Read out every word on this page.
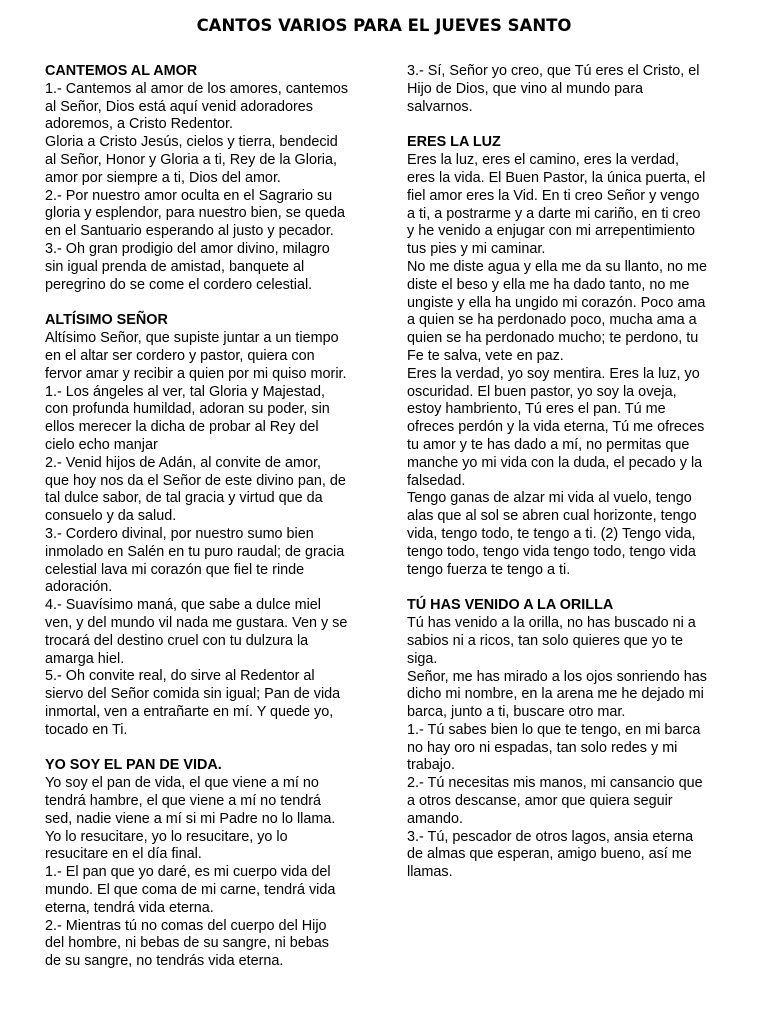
CANTOS VARIOS PARA EL JUEVES SANTO
CANTEMOS AL AMOR
1.- Cantemos al amor de los amores, cantemos
al Señor, Dios está aquí venid adoradores
adoremos, a Cristo Redentor.
Gloria a Cristo Jesús, cielos y tierra, bendecid
al Señor, Honor y Gloria a ti, Rey de la Gloria,
amor por siempre a ti, Dios del amor.
2.- Por nuestro amor oculta en el Sagrario su
gloria y esplendor, para nuestro bien, se queda
en el Santuario esperando al justo y pecador.
3.- Oh gran prodigio del amor divino, milagro
sin igual prenda de amistad, banquete al
peregrino do se come el cordero celestial.
ALTÍSIMO SEÑOR
Altísimo Señor, que supiste juntar a un tiempo
en el altar ser cordero y pastor, quiera con
fervor amar y recibir a quien por mi quiso morir.
1.- Los ángeles al ver, tal Gloria y Majestad,
con profunda humildad, adoran su poder, sin
ellos merecer la dicha de probar al Rey del
cielo echo manjar
2.- Venid hijos de Adán, al convite de amor,
que hoy nos da el Señor de este divino pan, de
tal dulce sabor, de tal gracia y virtud que da
consuelo y da salud.
3.- Cordero divinal, por nuestro sumo bien
inmolado en Salén en tu puro raudal; de gracia
celestial lava mi corazón que fiel te rinde
adoración.
4.- Suavísimo maná, que sabe a dulce miel
ven, y del mundo vil nada me gustara. Ven y se
trocará del destino cruel con tu dulzura la
amarga hiel.
5.- Oh convite real, do sirve al Redentor al
siervo del Señor comida sin igual; Pan de vida
inmortal, ven a entrañarte en mí. Y quede yo,
tocado en Ti.
YO SOY EL PAN DE VIDA.
Yo soy el pan de vida, el que viene a mí no
tendrá hambre, el que viene a mí no tendrá
sed, nadie viene a mí si mi Padre no lo llama.
Yo lo resucitare, yo lo resucitare, yo lo
resucitare en el día final.
1.- El pan que yo daré, es mi cuerpo vida del
mundo. El que coma de mi carne, tendrá vida
eterna, tendrá vida eterna.
2.- Mientras tú no comas del cuerpo del Hijo
del hombre, ni bebas de su sangre, ni bebas
de su sangre, no tendrás vida eterna.
3.- Sí, Señor yo creo, que Tú eres el Cristo, el
Hijo de Dios, que vino al mundo para
salvarnos.
ERES LA LUZ
Eres la luz, eres el camino, eres la verdad,
eres la vida. El Buen Pastor, la única puerta, el
fiel amor eres la Vid. En ti creo Señor y vengo
a ti, a postrarme y a darte mi cariño, en ti creo
y he venido a enjugar con mi arrepentimiento
tus pies y mi caminar.
No me diste agua y ella me da su llanto, no me
diste el beso y ella me ha dado tanto, no me
ungiste y ella ha ungido mi corazón. Poco ama
a quien se ha perdonado poco, mucha ama a
quien se ha perdonado mucho; te perdono, tu
Fe te salva, vete en paz.
Eres la verdad, yo soy mentira. Eres la luz, yo
oscuridad. El buen pastor, yo soy la oveja,
estoy hambriento, Tú eres el pan. Tú me
ofreces perdón y la vida eterna, Tú me ofreces
tu amor y te has dado a mí, no permitas que
manche yo mi vida con la duda, el pecado y la
falsedad.
Tengo ganas de alzar mi vida al vuelo, tengo
alas que al sol se abren cual horizonte, tengo
vida, tengo todo, te tengo a ti. (2) Tengo vida,
tengo todo, tengo vida tengo todo, tengo vida
tengo fuerza te tengo a ti.
TÚ HAS VENIDO A LA ORILLA
Tú has venido a la orilla, no has buscado ni a
sabios ni a ricos, tan solo quieres que yo te
siga.
Señor, me has mirado a los ojos sonriendo has
dicho mi nombre, en la arena me he dejado mi
barca, junto a ti, buscare otro mar.
1.- Tú sabes bien lo que te tengo, en mi barca
no hay oro ni espadas, tan solo redes y mi
trabajo.
2.- Tú necesitas mis manos, mi cansancio que
a otros descanse, amor que quiera seguir
amando.
3.- Tú, pescador de otros lagos, ansia eterna
de almas que esperan, amigo bueno, así me
llamas.
